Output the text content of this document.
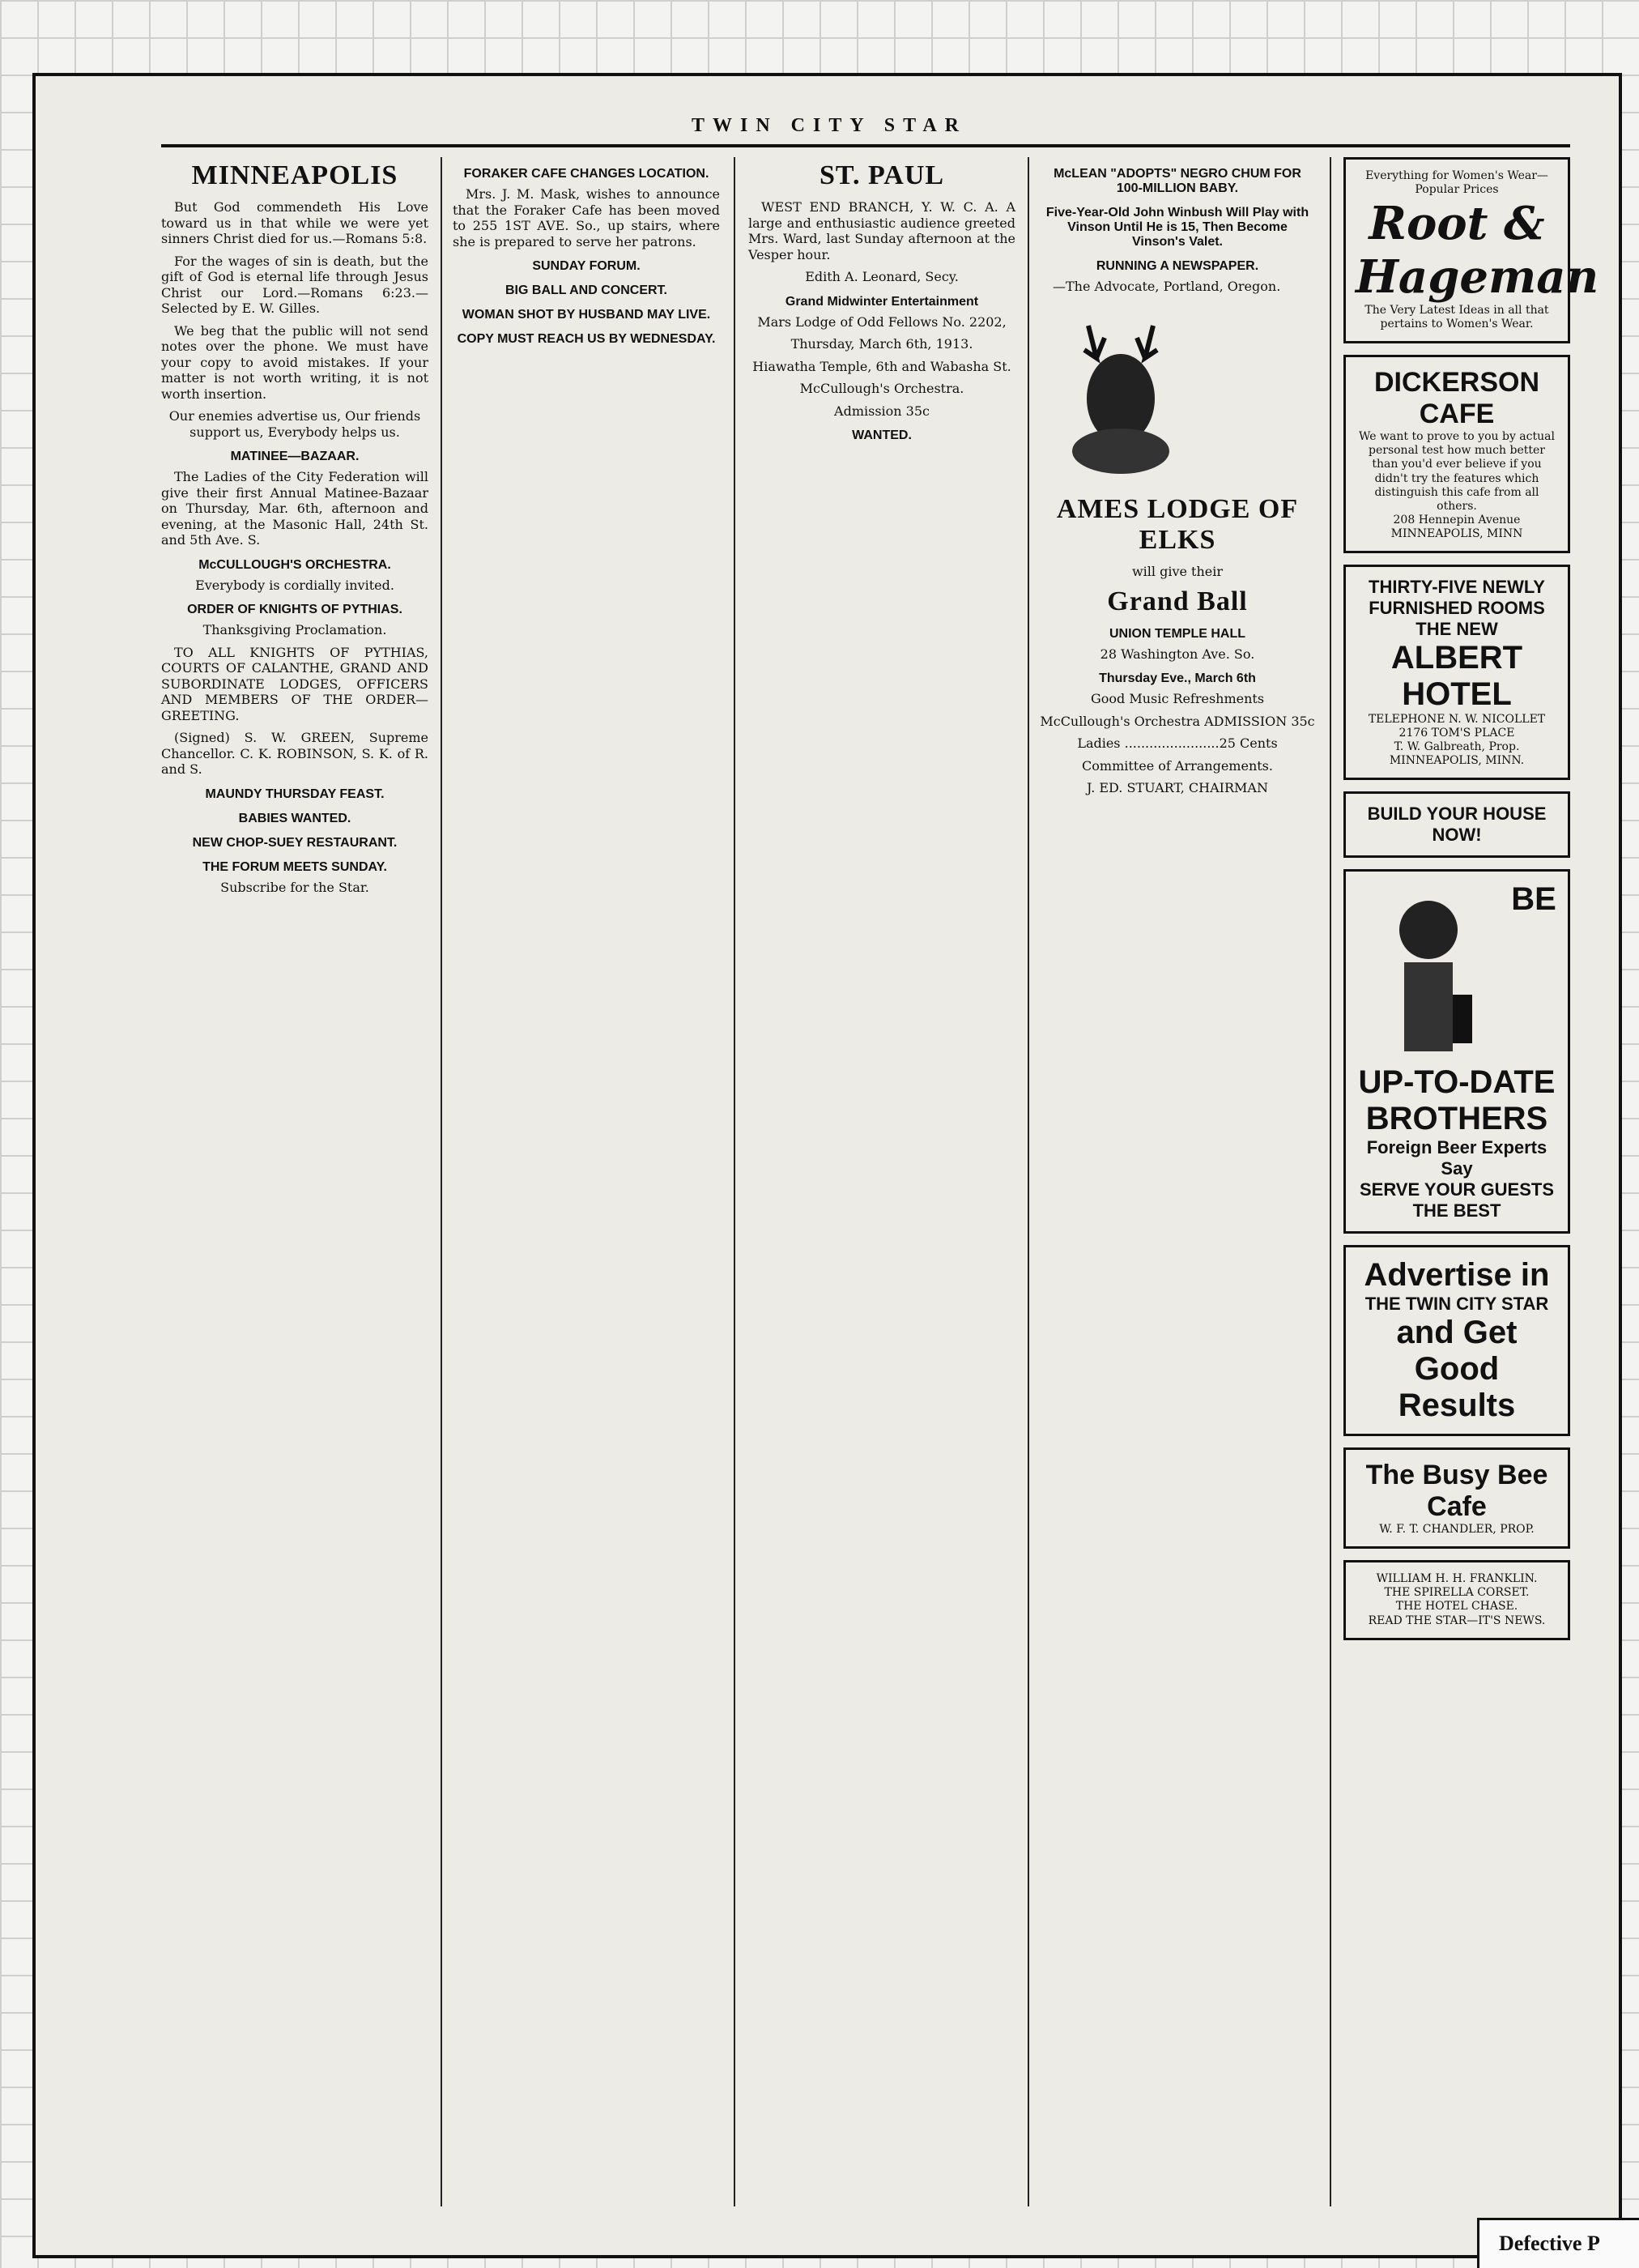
TWIN CITY STAR
MINNEAPOLIS

But God commendeth His Love toward us in that while we were yet sinners Christ died for us.—Romans 5:8.

For the wages of sin is death, but the gift of God is eternal life through Jesus Christ our Lord.—Romans 6:23.—Selected by E. W. Gilles.

We beg that the public will not send notes over the phone. We must have your copy to avoid mistakes. If your matter is not worth writing, it is not worth insertion.

Our enemies advertise us, Our friends support us, Everybody helps us.

MATINEE—BAZAAR.

The Ladies of the City Federation will give their first Annual Matinee-Bazaar on Thursday, Mar. 6th, afternoon and evening, at the Masonic Hall, 24th St. and 5th Ave. S.

McCULLOUGH'S ORCHESTRA.

Everybody is cordially invited.

ORDER OF KNIGHTS OF PYTHIAS.

Thanksgiving Proclamation.

TO ALL KNIGHTS OF PYTHIAS, COURTS OF CALANTHE, GRAND AND SUBORDINATE LODGES, OFFICERS AND MEMBERS OF THE ORDER—GREETING.

(Signed) S. W. GREEN, Supreme Chancellor. C. K. ROBINSON, S. K. of R. and S.

MAUNDY THURSDAY FEAST.
BABIES WANTED.
NEW CHOP-SUEY RESTAURANT.
THE FORUM MEETS SUNDAY.

Subscribe for the Star.

FORAKER CAFE CHANGES LOCATION.

Mrs. J. M. Mask, wishes to announce that the Foraker Cafe has been moved to 255 1ST AVE. So., up stairs, where she is prepared to serve her patrons.

SUNDAY FORUM.
BIG BALL AND CONCERT.
WOMAN SHOT BY HUSBAND MAY LIVE.
COPY MUST REACH US BY WEDNESDAY.
ST. PAUL

WEST END BRANCH, Y. W. C. A. A large and enthusiastic audience greeted Mrs. Ward, last Sunday afternoon at the Vesper hour.

Edith A. Leonard, Secy.

Grand Midwinter Entertainment

Mars Lodge of Odd Fellows No. 2202,

Thursday, March 6th, 1913.

Hiawatha Temple, 6th and Wabasha St.

McCullough's Orchestra.

Admission 35c

WANTED.
McLEAN "ADOPTS" NEGRO CHUM FOR 100-MILLION BABY.
Five-Year-Old John Winbush Will Play with Vinson Until He is 15, Then Become Vinson's Valet.
RUNNING A NEWSPAPER.

—The Advocate, Portland, Oregon.

AMES LODGE OF ELKS

will give their

Grand Ball
UNION TEMPLE HALL

28 Washington Ave. So.

Thursday Eve., March 6th

Good Music Refreshments

McCullough's Orchestra ADMISSION 35c

Ladies .......................25 Cents

Committee of Arrangements.

J. ED. STUART, CHAIRMAN

Everything for Women's Wear—Popular Prices
Root & Hageman
The Very Latest Ideas in all that pertains to Women's Wear.
DICKERSON CAFE
We want to prove to you by actual personal test how much better than you'd ever believe if you didn't try the features which distinguish this cafe from all others.
208 Hennepin Avenue MINNEAPOLIS, MINN
THIRTY-FIVE NEWLY FURNISHED ROOMS
THE NEW
ALBERT HOTEL
TELEPHONE N. W. NICOLLET 2176 TOM'S PLACE
T. W. Galbreath, Prop. MINNEAPOLIS, MINN.
BUILD YOUR HOUSE NOW!
BE UP-TO-DATE BROTHERS
Foreign Beer Experts Say
SERVE YOUR GUESTS THE BEST
Advertise in
THE TWIN CITY STAR
and Get Good Results
The Busy Bee Cafe
W. F. T. CHANDLER, PROP.
WILLIAM H. H. FRANKLIN.
THE SPIRELLA CORSET.
THE HOTEL CHASE.
READ THE STAR—IT'S NEWS.
Defective P
